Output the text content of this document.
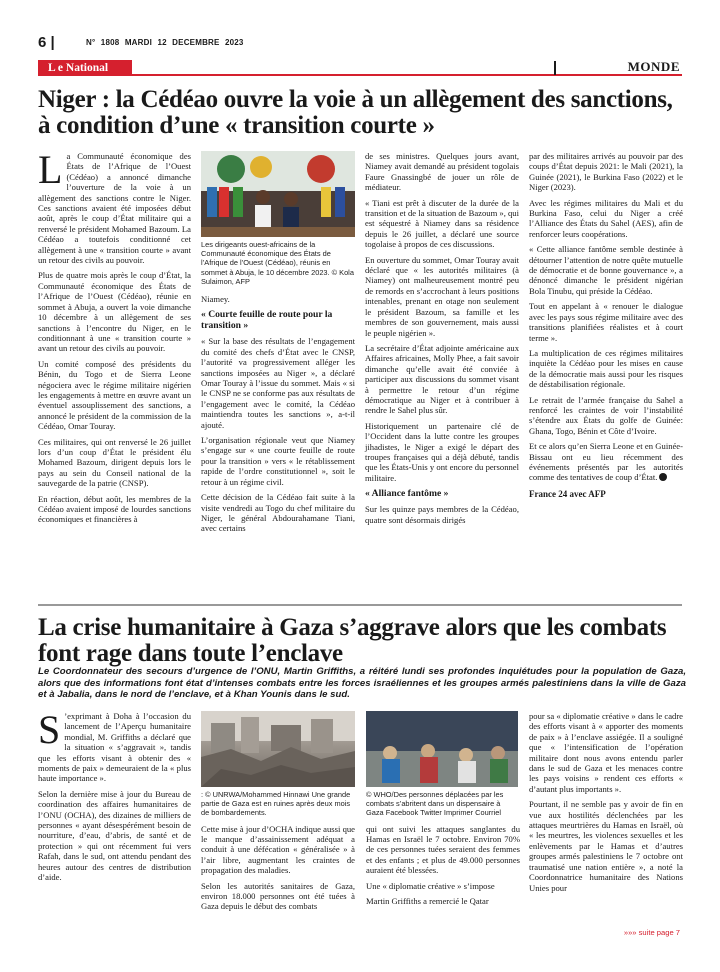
6 |	N° 1808 MARDI 12 DECEMBRE 2023
L e National	MONDE
Niger : la Cédéao ouvre la voie à un allègement des sanctions, à condition d’une « transition courte »

La Communauté économique des États de l’Afrique de l’Ouest (Cédéao) a annoncé dimanche l’ouverture de la voie à un allègement des sanctions contre le Niger. Ces sanctions avaient été imposées début août, après le coup d’État militaire qui a renversé le président Mohamed Bazoum. La Cédéao a toutefois conditionné cet allègement à une « transition courte » avant un retour des civils au pouvoir.

Plus de quatre mois après le coup d’État, la Communauté économique des États de l’Afrique de l’Ouest (Cédéao), réunie en sommet à Abuja, a ouvert la voie dimanche 10 décembre à un allègement de ses sanctions à l’encontre du Niger, en le conditionnant à une « transition courte » avant un retour des civils au pouvoir.

Un comité composé des présidents du Bénin, du Togo et de Sierra Leone négociera avec le régime militaire nigérien les engagements à mettre en œuvre avant un éventuel assouplissement des sanctions, a annoncé le président de la commission de la Cédéao, Omar Touray.

Ces militaires, qui ont renversé le 26 juillet lors d’un coup d’État le président élu Mohamed Bazoum, dirigent depuis lors le pays au sein du Conseil national de la sauvegarde de la patrie (CNSP).

En réaction, début août, les membres de la Cédéao avaient imposé de lourdes sanctions économiques et financières à

Les dirigeants ouest-africains de la Communauté économique des États de l’Afrique de l’Ouest (Cédéao), réunis en sommet à Abuja, le 10 décembre 2023. © Kola Sulaimon, AFP

Niamey.

« Courte feuille de route pour la transition »

« Sur la base des résultats de l’engagement du comité des chefs d’État avec le CNSP, l’autorité va progressivement alléger les sanctions imposées au Niger », a déclaré Omar Touray à l’issue du sommet. Mais « si le CNSP ne se conforme pas aux résultats de l’engagement avec le comité, la Cédéao maintiendra toutes les sanctions », a-t-il ajouté.

L’organisation régionale veut que Niamey s’engage sur « une courte feuille de route pour la transition » vers « le rétablissement rapide de l’ordre constitutionnel », soit le retour à un régime civil.

Cette décision de la Cédéao fait suite à la visite vendredi au Togo du chef militaire du Niger, le général Abdourahamane Tiani, avec certains

de ses ministres. Quelques jours avant, Niamey avait demandé au président togolais Faure Gnassingbé de jouer un rôle de médiateur.

« Tiani est prêt à discuter de la durée de la transition et de la situation de Bazoum », qui est séquestré à Niamey dans sa résidence depuis le 26 juillet, a déclaré une source togolaise à propos de ces discussions.

En ouverture du sommet, Omar Touray avait déclaré que « les autorités militaires (à Niamey) ont malheureusement montré peu de remords en s’accrochant à leurs positions intenables, prenant en otage non seulement le président Bazoum, sa famille et les membres de son gouvernement, mais aussi le peuple nigérien ».

La secrétaire d’État adjointe américaine aux Affaires africaines, Molly Phee, a fait savoir dimanche qu’elle avait été conviée à participer aux discussions du sommet visant à permettre le retour d’un régime démocratique au Niger et à contribuer à rendre le Sahel plus sûr.

Historiquement un partenaire clé de l’Occident dans la lutte contre les groupes jihadistes, le Niger a exigé le départ des troupes françaises qui a déjà débuté, tandis que les États-Unis y ont encore du personnel militaire.

« Alliance fantôme »

Sur les quinze pays membres de la Cédéao, quatre sont désormais dirigés

par des militaires arrivés au pouvoir par des coups d’État depuis 2021: le Mali (2021), la Guinée (2021), le Burkina Faso (2022) et le Niger (2023).

Avec les régimes militaires du Mali et du Burkina Faso, celui du Niger a créé l’Alliance des États du Sahel (AES), afin de renforcer leurs coopérations.

« Cette alliance fantôme semble destinée à détourner l’attention de notre quête mutuelle de démocratie et de bonne gouvernance », a dénoncé dimanche le président nigérian Bola Tinubu, qui préside la Cédéao.

Tout en appelant à « renouer le dialogue avec les pays sous régime militaire avec des transitions planifiées réalistes et à court terme ».

La multiplication de ces régimes militaires inquiète la Cédéao pour les mises en cause de la démocratie mais aussi pour les risques de déstabilisation régionale.

Le retrait de l’armée française du Sahel a renforcé les craintes de voir l’instabilité s’étendre aux États du golfe de Guinée: Ghana, Togo, Bénin et Côte d’Ivoire.

Et ce alors qu’en Sierra Leone et en Guinée-Bissau ont eu lieu récemment des événements présentés par les autorités comme des tentatives de coup d’État.

France 24 avec AFP

La crise humanitaire à Gaza s’aggrave alors que les combats font rage dans toute l’enclave
Le Coordonnateur des secours d’urgence de l’ONU, Martin Griffiths, a réitéré lundi ses profondes inquiétudes pour la population de Gaza, alors que des informations font état d’intenses combats entre les forces israéliennes et les groupes armés palestiniens dans la ville de Gaza et à Jabalia, dans le nord de l’enclave, et à Khan Younis dans le sud.

S ’exprimant à Doha à l’occasion du lancement de l’Aperçu humanitaire mondial, M. Griffiths a déclaré que la situation « s’aggravait », tandis que les efforts visant à obtenir des « moments de paix » demeuraient de la « plus haute importance ».

Selon la dernière mise à jour du Bureau de coordination des affaires humanitaires de l’ONU (OCHA), des dizaines de milliers de personnes « ayant désespérément besoin de nourriture, d’eau, d’abris, de santé et de protection » qui ont récemment fui vers Rafah, dans le sud, ont attendu pendant des heures autour des centres de distribution d’aide.

: © UNRWA/Mohammed Hinnawi Une grande partie de Gaza est en ruines après deux mois de bombardements.

Cette mise à jour d’OCHA indique aussi que le manque d’assainissement adéquat a conduit à une défécation « généralisée » à l’air libre, augmentant les craintes de propagation des maladies.

Selon les autorités sanitaires de Gaza, environ 18.000 personnes ont été tuées à Gaza depuis le début des combats

© WHO/Des personnes déplacées par les combats s’abritent dans un dispensaire à Gaza Facebook Twitter Imprimer Courriel

qui ont suivi les attaques sanglantes du Hamas en Israël le 7 octobre. Environ 70% de ces personnes tuées seraient des femmes et des enfants ; et plus de 49.000 personnes auraient été blessées.

Une « diplomatie créative » s’impose

Martin Griffiths a remercié le Qatar

pour sa « diplomatie créative » dans le cadre des efforts visant à « apporter des moments de paix » à l’enclave assiégée. Il a souligné que « l’intensification de l’opération militaire dont nous avons entendu parler dans le sud de Gaza et les menaces contre les pays voisins » rendent ces efforts « d’autant plus importants ».

Pourtant, il ne semble pas y avoir de fin en vue aux hostilités déclenchées par les attaques meurtrières du Hamas en Israël, où « les meurtres, les violences sexuelles et les enlèvements par le Hamas et d’autres groupes armés palestiniens le 7 octobre ont traumatisé une nation entière », a noté la Coordonnatrice humanitaire des Nations Unies pour

»»» suite page 7
